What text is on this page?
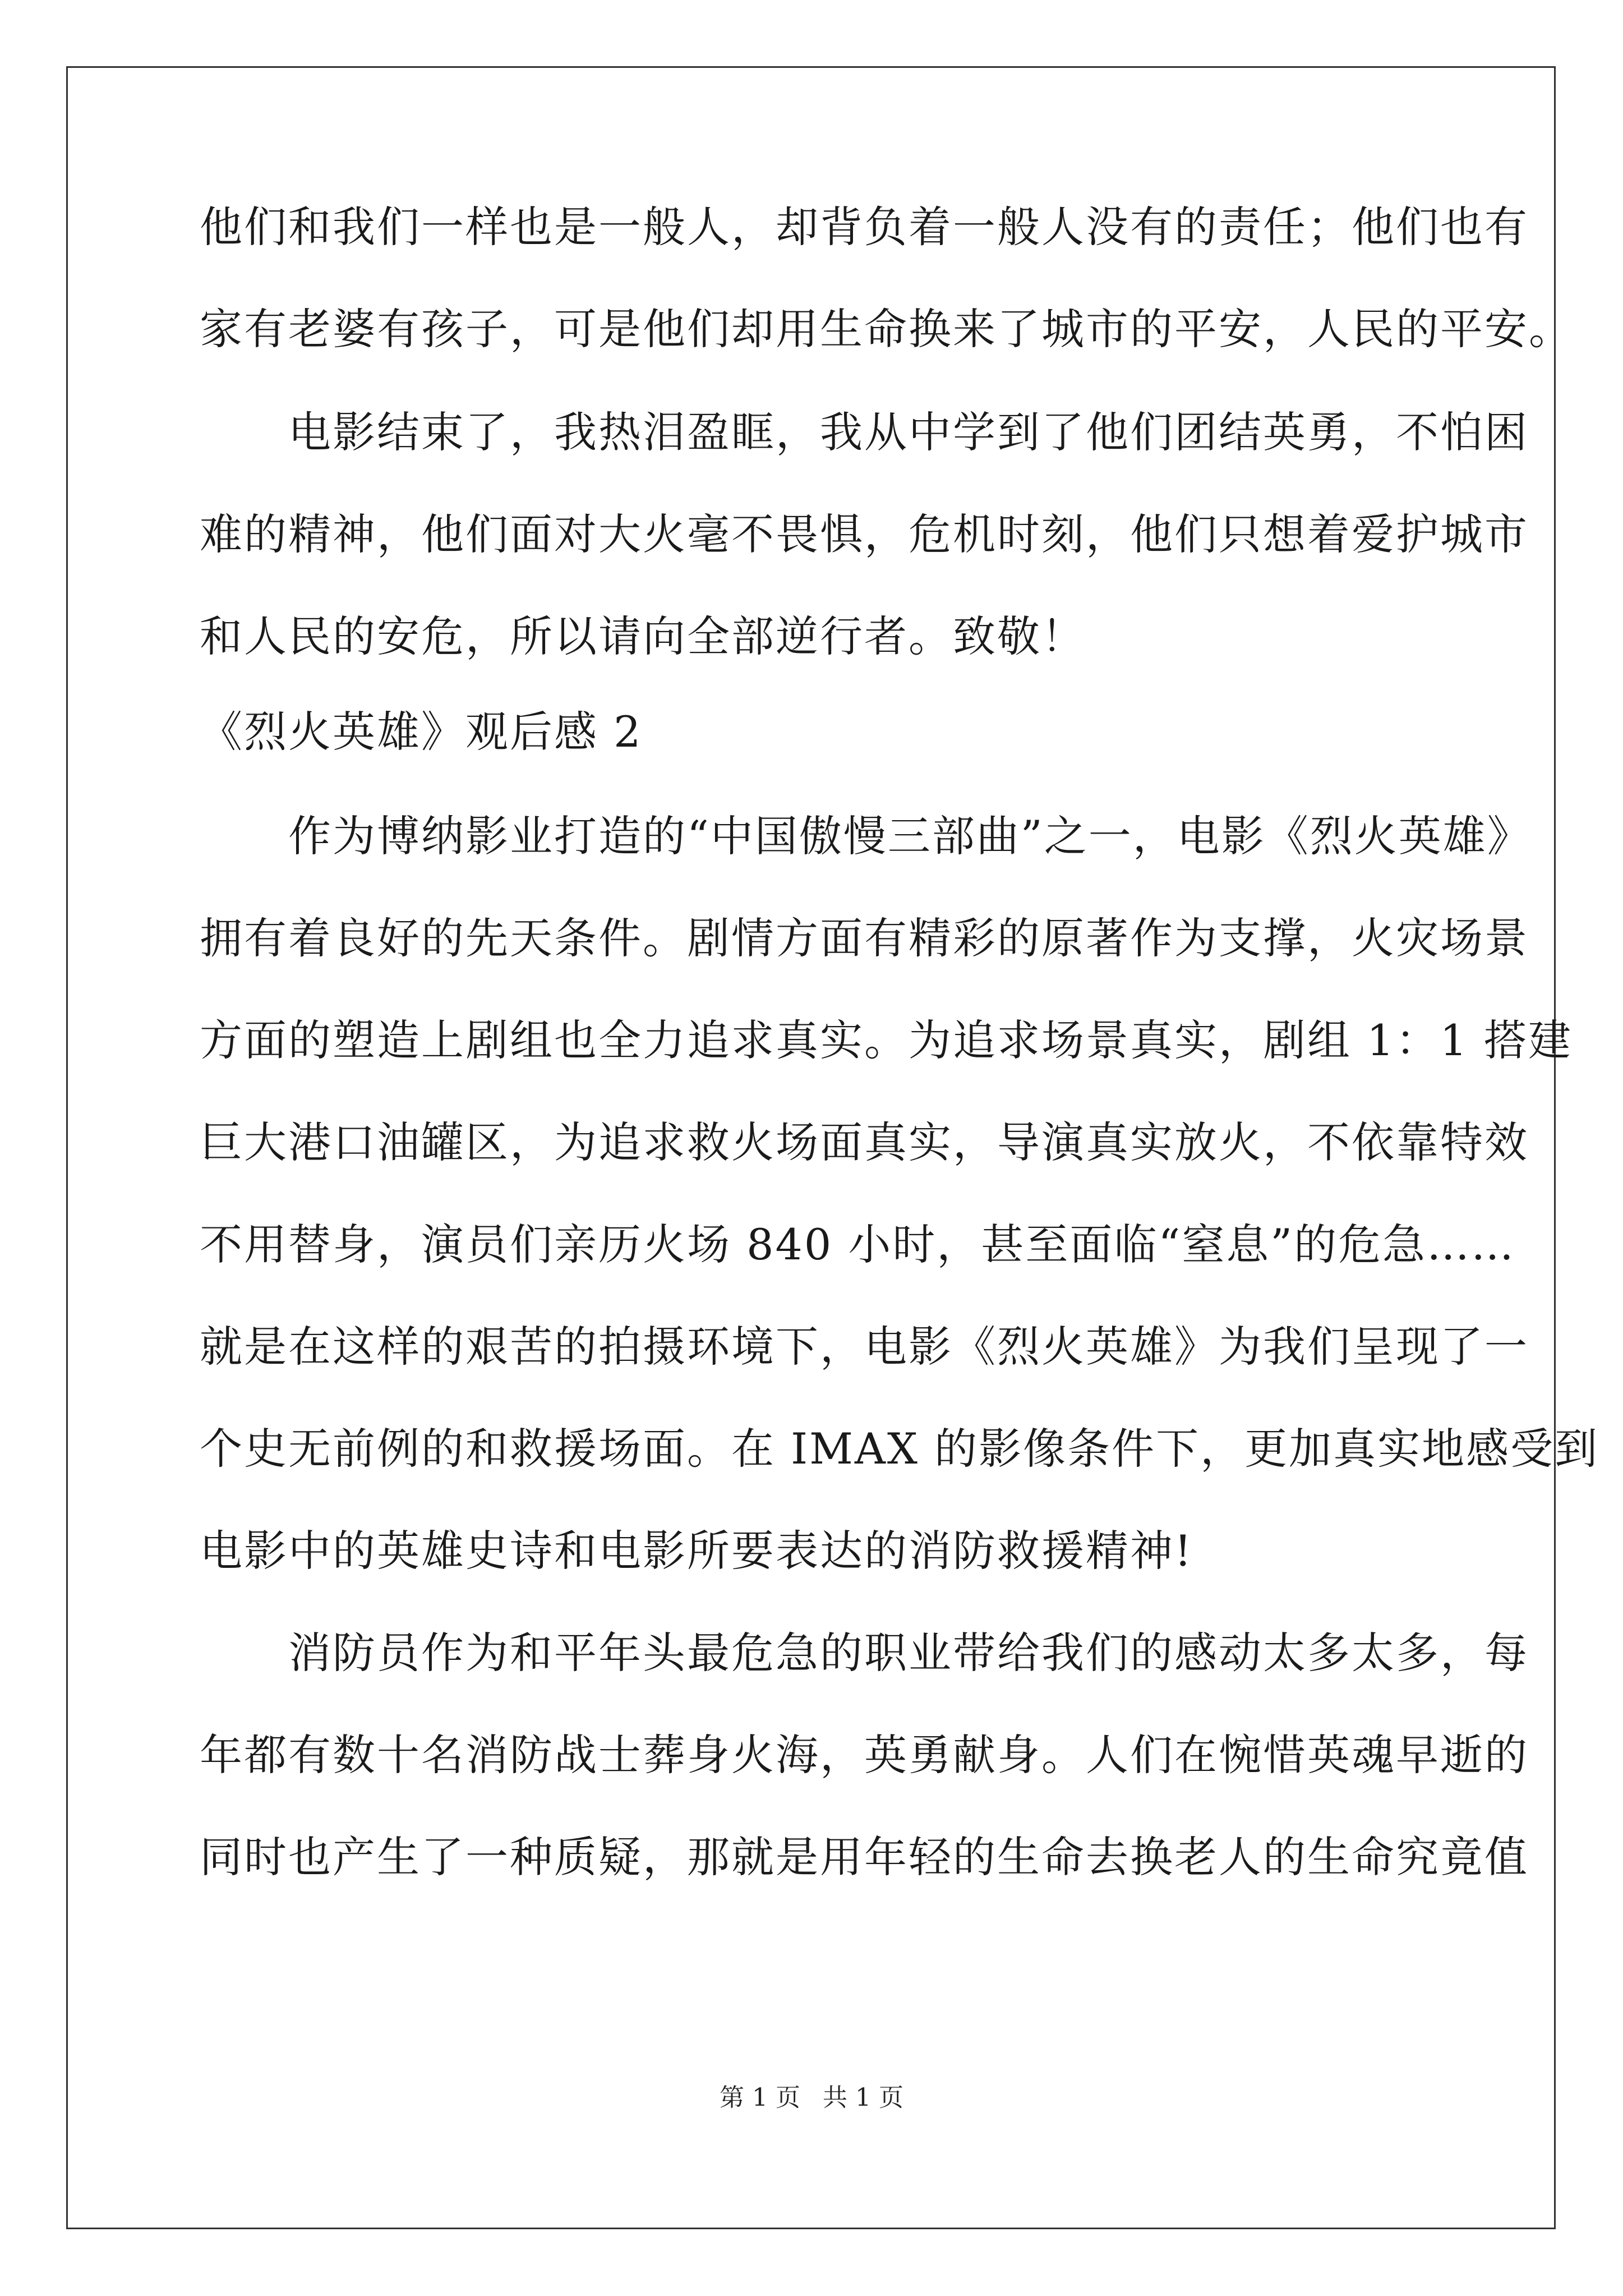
他们和我们一样也是一般人，却背负着一般人没有的责任；他们也有
家有老婆有孩子，可是他们却用生命换来了城市的平安，人民的平安。
　　电影结束了，我热泪盈眶，我从中学到了他们团结英勇，不怕困
难的精神，他们面对大火毫不畏惧，危机时刻，他们只想着爱护城市
和人民的安危，所以请向全部逆行者。致敬！
《烈火英雄》观后感 2
　　作为博纳影业打造的“中国傲慢三部曲”之一，电影《烈火英雄》
拥有着良好的先天条件。剧情方面有精彩的原著作为支撑，火灾场景
方面的塑造上剧组也全力追求真实。为追求场景真实，剧组 1：1 搭建
巨大港口油罐区，为追求救火场面真实，导演真实放火，不依靠特效
不用替身，演员们亲历火场 840 小时，甚至面临“窒息”的危急……
就是在这样的艰苦的拍摄环境下，电影《烈火英雄》为我们呈现了一
个史无前例的和救援场面。在 IMAX 的影像条件下，更加真实地感受到
电影中的英雄史诗和电影所要表达的消防救援精神!
　　消防员作为和平年头最危急的职业带给我们的感动太多太多，每
年都有数十名消防战士葬身火海，英勇献身。人们在惋惜英魂早逝的
同时也产生了一种质疑，那就是用年轻的生命去换老人的生命究竟值
第 1 页 共 1 页
